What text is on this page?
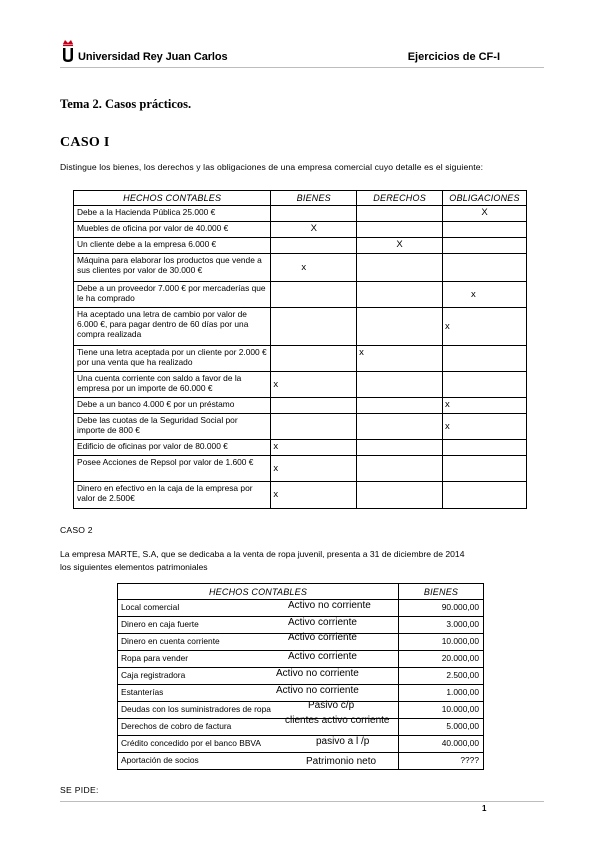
Universidad Rey Juan Carlos	Ejercicios de CF-I
Tema 2. Casos prácticos.
CASO I
Distingue los bienes, los derechos y las obligaciones de una empresa comercial cuyo detalle es el siguiente:
HECHOS CONTABLES	BIENES	DERECHOS	OBLIGACIONES
Debe a la Hacienda Pública 25.000 €			X
Muebles de oficina por valor de 40.000 €	X		
Un cliente debe a la empresa 6.000 €		X	
Máquina para elaborar los productos que vende a sus clientes por valor de 30.000 €	x		
Debe a un proveedor 7.000 € por mercaderías que le ha comprado			x
Ha aceptado una letra de cambio por valor de 6.000 €, para pagar dentro de 60 días por una compra realizada			x
Tiene una letra aceptada por un cliente por 2.000 € por una venta que ha realizado		x	
Una cuenta corriente con saldo a favor de la empresa por un importe de 60.000 €	x		
Debe a un banco 4.000 € por un préstamo			x
Debe las cuotas de la Seguridad Social por importe de 800 €			x
Edificio de oficinas por valor de 80.000 €	x		
Posee Acciones de Repsol por valor de 1.600 €	x		
Dinero en efectivo en la caja de la empresa por valor de 2.500€	x		
CASO 2
La empresa MARTE, S.A, que se dedicaba a la venta de ropa juvenil, presenta a 31 de diciembre de 2014
los siguientes elementos patrimoniales
HECHOS CONTABLES	BIENES
Local comercial Activo no corriente	90.000,00
Dinero en caja fuerte Activo corriente	3.000,00
Dinero en cuenta corriente Activo corriente	10.000,00
Ropa para vender Activo corriente	20.000,00
Caja registradora Activo no corriente	2.500,00
Estanterías Activo no corriente	1.000,00
Deudas con los suministradores de ropa Pasivo c/p	10.000,00
Derechos de cobro de factura clientes activo corriente	5.000,00
Crédito concedido por el banco BBVA pasivo a l /p	40.000,00
Aportación de socios Patrimonio neto	????
SE PIDE:
1
